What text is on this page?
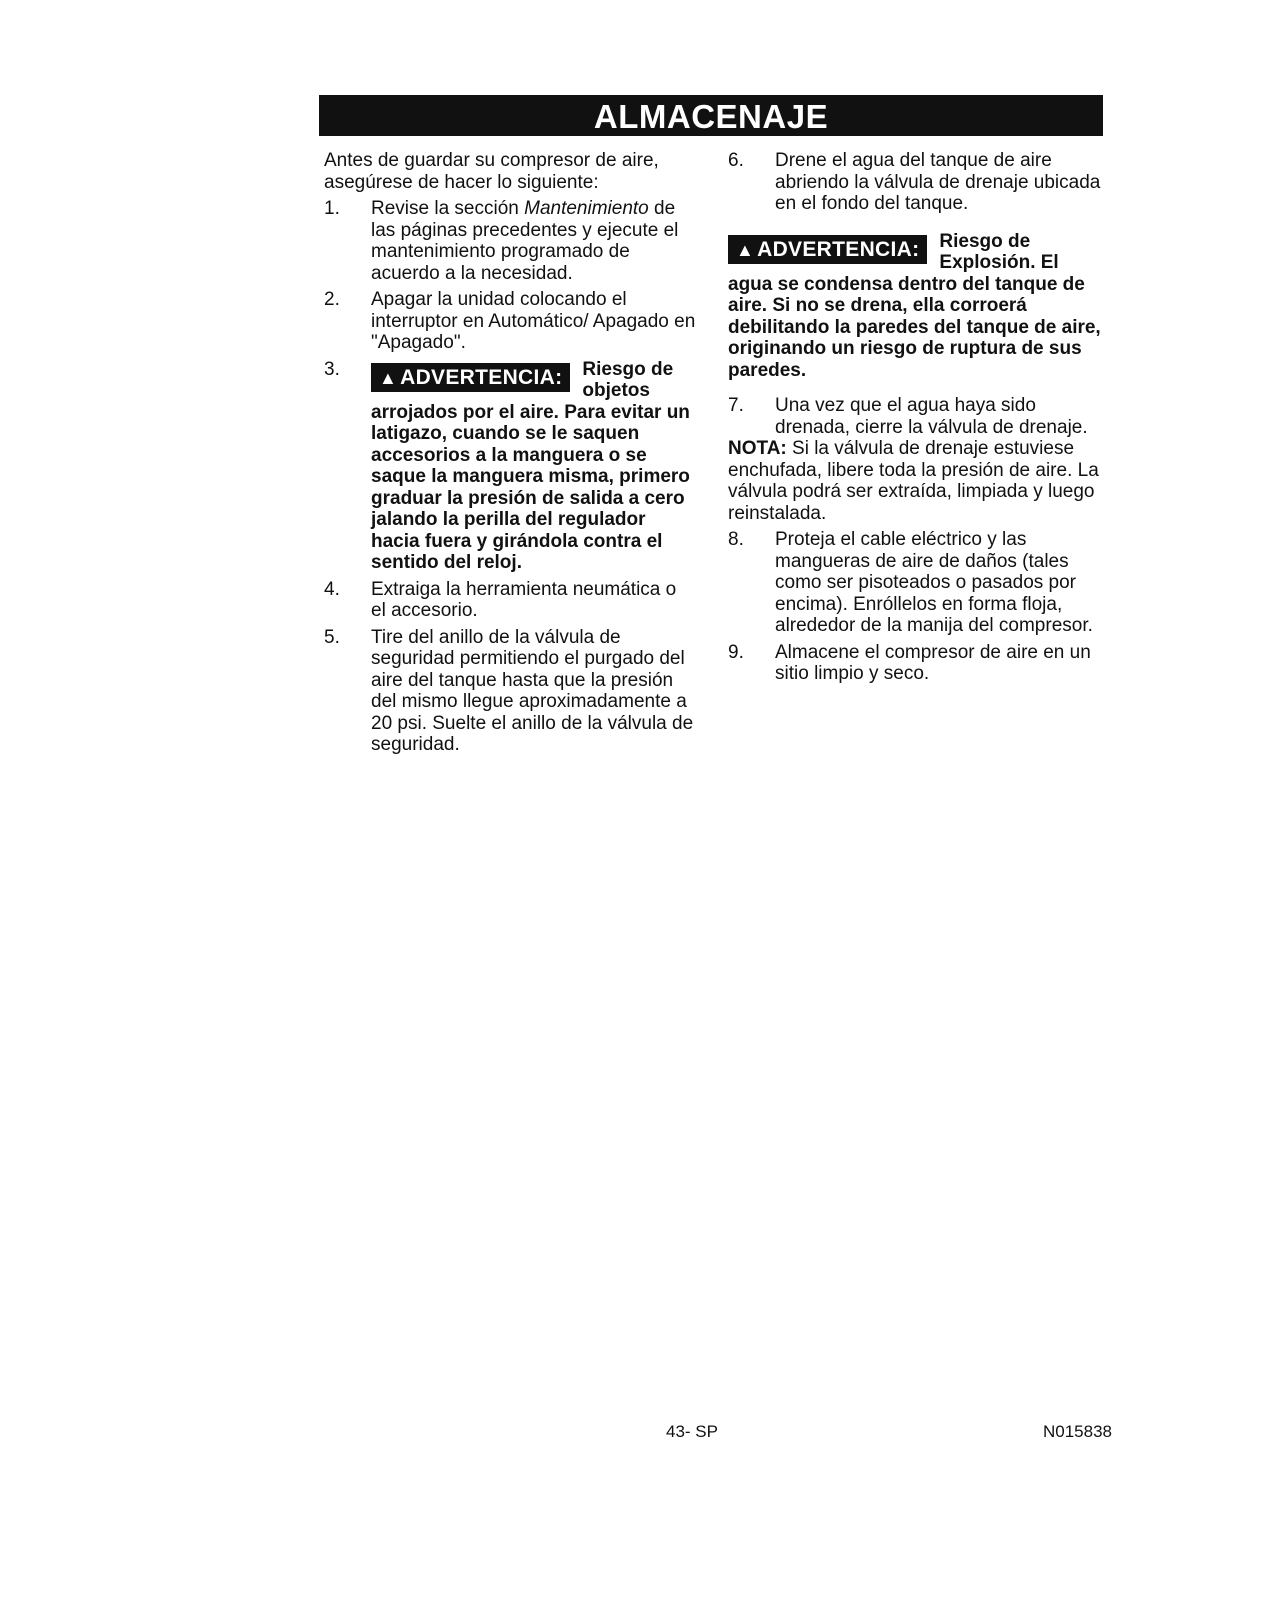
ALMACENAJE

Antes de guardar su compresor de aire, asegúrese de hacer lo siguiente:

1. Revise la sección Mantenimiento de las páginas precedentes y ejecute el mantenimiento programado de acuerdo a la necesidad.
2. Apagar la unidad colocando el interruptor en Automático/ Apagado en "Apagado".
3.	▲ ADVERTENCIA:	Riesgo de objetos arrojados por el aire. Para evitar un latigazo, cuando se le saquen accesorios a la manguera o se saque la manguera misma, primero graduar la presión de salida a cero jalando la perilla del regulador hacia fuera y girándola contra el sentido del reloj.
4. Extraiga la herramienta neumática o el accesorio.
5. Tire del anillo de la válvula de seguridad permitiendo el purgado del aire del tanque hasta que la presión del mismo llegue aproximadamente a 20 psi. Suelte el anillo de la válvula de seguridad.
6. Drene el agua del tanque de aire abriendo la válvula de drenaje ubicada en el fondo del tanque.
▲ ADVERTENCIA:	Riesgo de Explosión. El agua se condensa dentro del tanque de aire. Si no se drena, ella corroerá debilitando la paredes del tanque de aire, originando un riesgo de ruptura de sus paredes.
7. Una vez que el agua haya sido drenada, cierre la válvula de drenaje.

NOTA: Si la válvula de drenaje estuviese enchufada, libere toda la presión de aire. La válvula podrá ser extraída, limpiada y luego reinstalada.

8. Proteja el cable eléctrico y las mangueras de aire de daños (tales como ser pisoteados o pasados por encima). Enróllelos en forma floja, alrededor de la manija del compresor.
9. Almacene el compresor de aire en un sitio limpio y seco.
43- SP	N015838
